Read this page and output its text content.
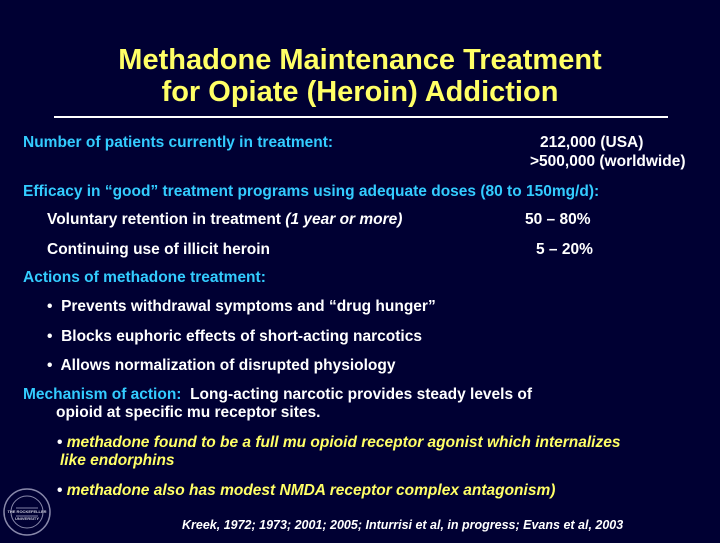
Methadone Maintenance Treatment
for Opiate (Heroin) Addiction
Number of patients currently in treatment:	212,000 (USA)
>500,000 (worldwide)
Efficacy in “good” treatment programs using adequate doses (80 to 150mg/d):
Voluntary retention in treatment (1 year or more)	50 – 80%
Continuing use of illicit heroin	5 – 20%
Actions of methadone treatment:
• Prevents withdrawal symptoms and “drug hunger”
• Blocks euphoric effects of short-acting narcotics
• Allows normalization of disrupted physiology
Mechanism of action: Long-acting narcotic provides steady levels of
opioid at specific mu receptor sites.
• methadone found to be a full mu opioid receptor agonist which internalizes
like endorphins
• methadone also has modest NMDA receptor complex antagonism)
Kreek, 1972; 1973; 2001; 2005; Inturrisi et al, in progress; Evans et al, 2003
THE ROCKEFELLER
UNIVERSITY
